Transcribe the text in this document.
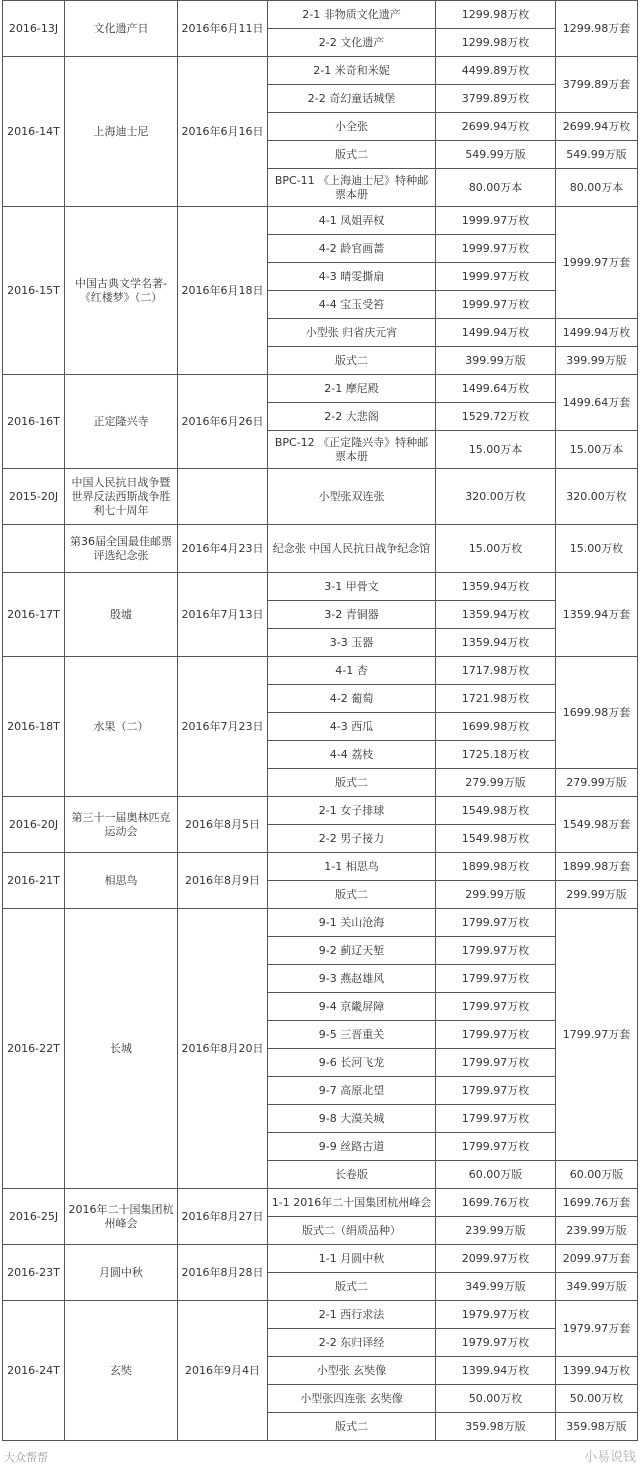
2016-13J	文化遗产日	2016年6月11日	2-1 非物质文化遗产	1299.98万枚	1299.98万套
			2-2 文化遗产	1299.98万枚	
2016-14T	上海迪士尼	2016年6月16日	2-1 米奇和米妮	4499.89万枚	3799.89万套
			2-2 奇幻童话城堡	3799.89万枚	
			小全张	2699.94万枚	2699.94万枚
			版式二	549.99万版	549.99万版
			BPC-11 《上海迪士尼》特种邮票本册	80.00万本	80.00万本
2016-15T	中国古典文学名著-《红楼梦》（二）	2016年6月18日	4-1 凤姐弄权	1999.97万枚	1999.97万套
			4-2 龄官画蔷	1999.97万枚	
			4-3 晴雯撕扇	1999.97万枚	
			4-4 宝玉受笞	1999.97万枚	
			小型张 归省庆元宵	1499.94万枚	1499.94万枚
			版式二	399.99万版	399.99万版
2016-16T	正定隆兴寺	2016年6月26日	2-1 摩尼殿	1499.64万枚	1499.64万套
			2-2 大悲阁	1529.72万枚	
			BPC-12 《正定隆兴寺》特种邮票本册	15.00万本	15.00万本
2015-20J	中国人民抗日战争暨世界反法西斯战争胜利七十周年		小型张双连张	320.00万枚	320.00万枚
	第36届全国最佳邮票评选纪念张	2016年4月23日	纪念张 中国人民抗日战争纪念馆	15.00万枚	15.00万枚
2016-17T	殷墟	2016年7月13日	3-1 甲骨文	1359.94万枚	1359.94万套
			3-2 青铜器	1359.94万枚	
			3-3 玉器	1359.94万枚	
2016-18T	水果（二）	2016年7月23日	4-1 杏	1717.98万枚	1699.98万套
			4-2 葡萄	1721.98万枚	
			4-3 西瓜	1699.98万枚	
			4-4 荔枝	1725.18万枚	
			版式二	279.99万版	279.99万版
2016-20J	第三十一届奥林匹克运动会	2016年8月5日	2-1 女子排球	1549.98万枚	1549.98万套
			2-2 男子接力	1549.98万枚	
2016-21T	相思鸟	2016年8月9日	1-1 相思鸟	1899.98万枚	1899.98万套
			版式二	299.99万版	299.99万版
2016-22T	长城	2016年8月20日	9-1 关山沧海	1799.97万枚	1799.97万套
			9-2 蓟辽天堑	1799.97万枚	
			9-3 燕赵雄风	1799.97万枚	
			9-4 京畿屏障	1799.97万枚	
			9-5 三晋重关	1799.97万枚	
			9-6 长河飞龙	1799.97万枚	
			9-7 高原北望	1799.97万枚	
			9-8 大漠关城	1799.97万枚	
			9-9 丝路古道	1799.97万枚	
			长卷版	60.00万版	60.00万版
2016-25J	2016年二十国集团杭州峰会	2016年8月27日	1-1 2016年二十国集团杭州峰会	1699.76万枚	1699.76万套
			版式二（绢质品种）	239.99万版	239.99万版
2016-23T	月圆中秋	2016年8月28日	1-1 月圆中秋	2099.97万枚	2099.97万套
			版式二	349.99万版	349.99万版
2016-24T	玄奘	2016年9月4日	2-1 西行求法	1979.97万枚	1979.97万套
			2-2 东归译经	1979.97万枚	
			小型张 玄奘像	1399.94万枚	1399.94万枚
			小型张四连张 玄奘像	50.00万枚	50.00万枚
			版式二	359.98万版	359.98万版
大众帮帮	小易说钱
